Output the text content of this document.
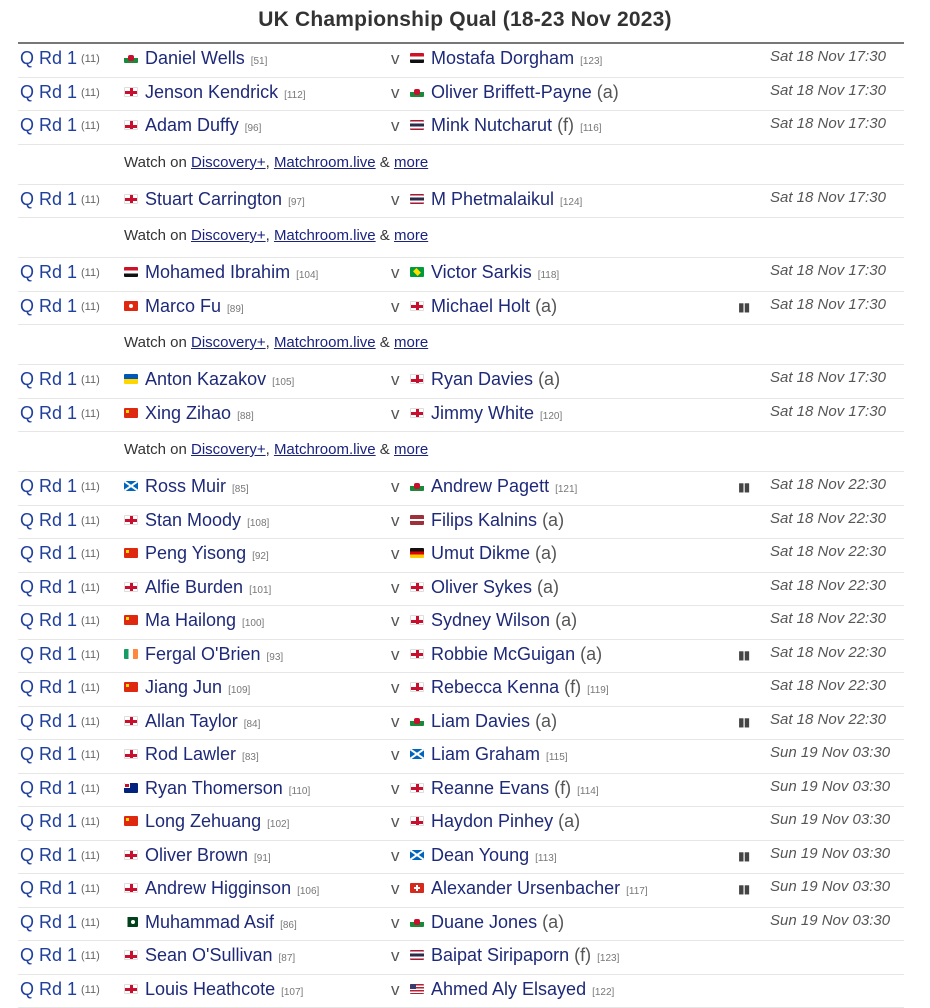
UK Championship Qual (18-23 Nov 2023)
Q Rd 1 (11)	Daniel Wells [51]	v	Mostafa Dorgham [123]	Sat 18 Nov 17:30
Q Rd 1 (11)	Jenson Kendrick [112]	v	Oliver Briffett-Payne (a)	Sat 18 Nov 17:30
Q Rd 1 (11)	Adam Duffy [96]	v	Mink Nutcharut (f) [116]	Sat 18 Nov 17:30
Watch on Discovery+, Matchroom.live & more
Q Rd 1 (11)	Stuart Carrington [97]	v	M Phetmalaikul [124]	Sat 18 Nov 17:30
Watch on Discovery+, Matchroom.live & more
Q Rd 1 (11)	Mohamed Ibrahim [104]	v	Victor Sarkis [118]	Sat 18 Nov 17:30
Q Rd 1 (11)	Marco Fu [89]	v	Michael Holt (a)	▮▮ Sat 18 Nov 17:30
Watch on Discovery+, Matchroom.live & more
Q Rd 1 (11)	Anton Kazakov [105]	v	Ryan Davies (a)	Sat 18 Nov 17:30
Q Rd 1 (11)	Xing Zihao [88]	v	Jimmy White [120]	Sat 18 Nov 17:30
Watch on Discovery+, Matchroom.live & more
Q Rd 1 (11)	Ross Muir [85]	v	Andrew Pagett [121]	▮▮ Sat 18 Nov 22:30
Q Rd 1 (11)	Stan Moody [108]	v	Filips Kalnins (a)	Sat 18 Nov 22:30
Q Rd 1 (11)	Peng Yisong [92]	v	Umut Dikme (a)	Sat 18 Nov 22:30
Q Rd 1 (11)	Alfie Burden [101]	v	Oliver Sykes (a)	Sat 18 Nov 22:30
Q Rd 1 (11)	Ma Hailong [100]	v	Sydney Wilson (a)	Sat 18 Nov 22:30
Q Rd 1 (11)	Fergal O'Brien [93]	v	Robbie McGuigan (a)	▮▮ Sat 18 Nov 22:30
Q Rd 1 (11)	Jiang Jun [109]	v	Rebecca Kenna (f) [119]	Sat 18 Nov 22:30
Q Rd 1 (11)	Allan Taylor [84]	v	Liam Davies (a)	▮▮ Sat 18 Nov 22:30
Q Rd 1 (11)	Rod Lawler [83]	v	Liam Graham [115]	Sun 19 Nov 03:30
Q Rd 1 (11)	Ryan Thomerson [110]	v	Reanne Evans (f) [114]	Sun 19 Nov 03:30
Q Rd 1 (11)	Long Zehuang [102]	v	Haydon Pinhey (a)	Sun 19 Nov 03:30
Q Rd 1 (11)	Oliver Brown [91]	v	Dean Young [113]	▮▮ Sun 19 Nov 03:30
Q Rd 1 (11)	Andrew Higginson [106]	v	Alexander Ursenbacher [117]	▮▮ Sun 19 Nov 03:30
Q Rd 1 (11)	Muhammad Asif [86]	v	Duane Jones (a)	Sun 19 Nov 03:30
Q Rd 1 (11)	Sean O'Sullivan [87]	v	Baipat Siripaporn (f) [123]
Q Rd 1 (11)	Louis Heathcote [107]	v	Ahmed Aly Elsayed [122]
